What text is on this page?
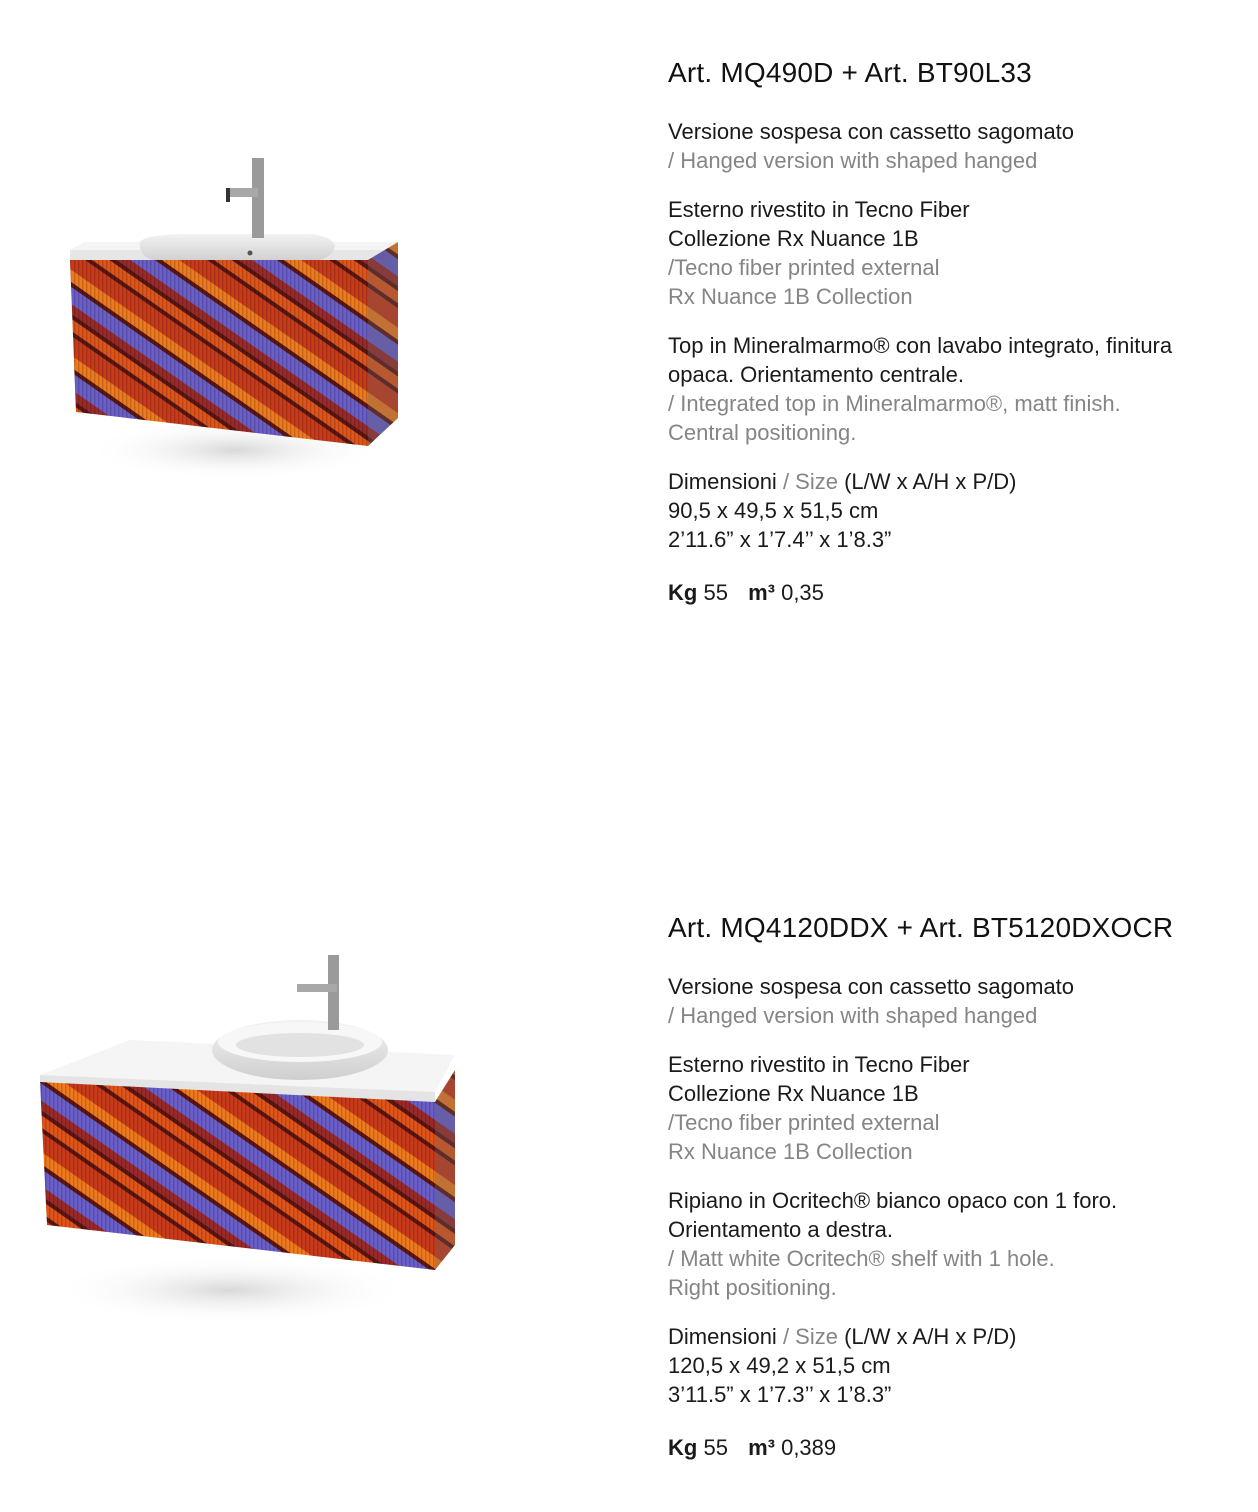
Art. MQ490D + Art. BT90L33
Versione sospesa con cassetto sagomato
/ Hanged version with shaped hanged
Esterno rivestito in Tecno Fiber
Collezione Rx Nuance 1B
/Tecno fiber printed external
Rx Nuance 1B Collection
Top in Mineralmarmo® con lavabo integrato, finitura
opaca. Orientamento centrale.
/ Integrated top in Mineralmarmo®, matt finish.
Central positioning.
Dimensioni / Size (L/W x A/H x P/D)
90,5 x 49,5 x 51,5 cm
2’11.6” x 1’7.4’’ x 1’8.3”
Kg 55 m³ 0,35
Art. MQ4120DDX + Art. BT5120DXOCR
Versione sospesa con cassetto sagomato
/ Hanged version with shaped hanged
Esterno rivestito in Tecno Fiber
Collezione Rx Nuance 1B
/Tecno fiber printed external
Rx Nuance 1B Collection
Ripiano in Ocritech® bianco opaco con 1 foro.
Orientamento a destra.
/ Matt white Ocritech® shelf with 1 hole.
Right positioning.
Dimensioni / Size (L/W x A/H x P/D)
120,5 x 49,2 x 51,5 cm
3’11.5” x 1’7.3’’ x 1’8.3”
Kg 55 m³ 0,389
